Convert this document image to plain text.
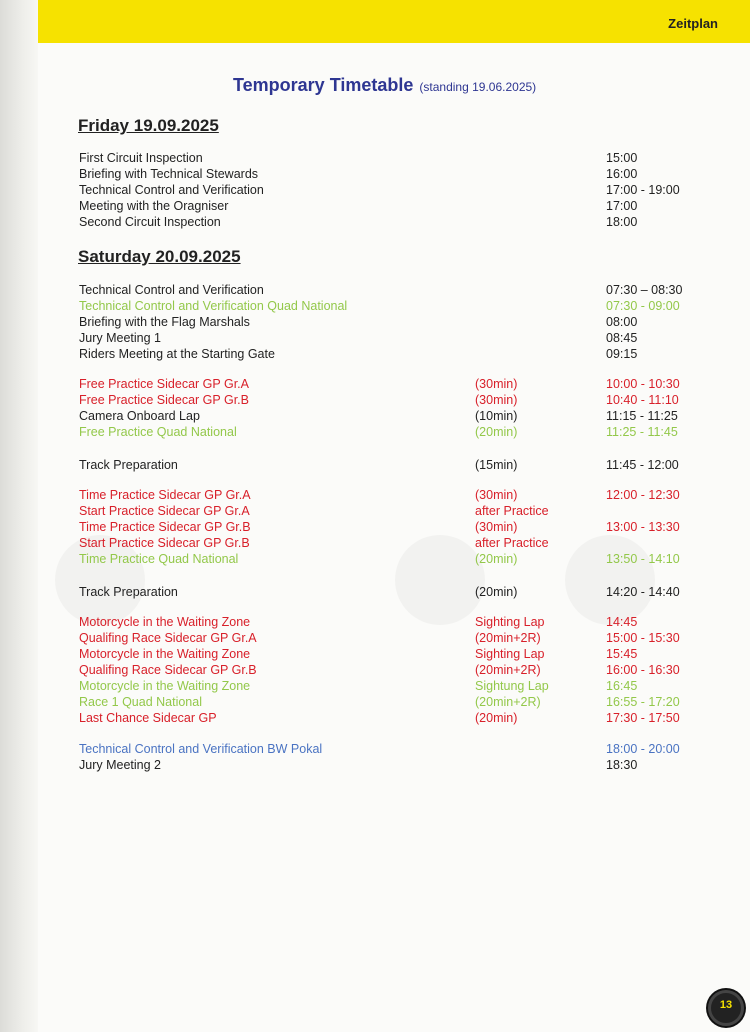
Zeitplan
Temporary Timetable (standing 19.06.2025)
Friday 19.09.2025
Saturday 20.09.2025
First Circuit Inspection	15:00
Briefing with Technical Stewards	16:00
Technical Control and Verification	17:00 - 19:00
Meeting with the Oragniser	17:00
Second Circuit Inspection	18:00
Technical Control and Verification	07:30 – 08:30
Technical Control and Verification Quad National	07:30 - 09:00
Briefing with the Flag Marshals	08:00
Jury Meeting 1	08:45
Riders Meeting at the Starting Gate	09:15
Free Practice Sidecar GP Gr.A	(30min)	10:00 - 10:30
Free Practice Sidecar GP Gr.B	(30min)	10:40 - 11:10
Camera Onboard Lap	(10min)	11:15 - 11:25
Free Practice Quad National	(20min)	11:25 - 11:45
Track Preparation	(15min)	11:45 - 12:00
Time Practice Sidecar GP Gr.A	(30min)	12:00 - 12:30
Start Practice Sidecar GP Gr.A	after Practice
Time Practice Sidecar GP Gr.B	(30min)	13:00 - 13:30
Start Practice Sidecar GP Gr.B	after Practice
Time Practice Quad National	(20min)	13:50 - 14:10
Track Preparation	(20min)	14:20 - 14:40
Motorcycle in the Waiting Zone	Sighting Lap	14:45
Qualifing Race Sidecar GP Gr.A	(20min+2R)	15:00 - 15:30
Motorcycle in the Waiting Zone	Sighting Lap	15:45
Qualifing Race Sidecar GP Gr.B	(20min+2R)	16:00 - 16:30
Motorcycle in the Waiting Zone	Sightung Lap	16:45
Race 1 Quad National	(20min+2R)	16:55 - 17:20
Last Chance Sidecar GP	(20min)	17:30 - 17:50
Technical Control and Verification BW Pokal	18:00 - 20:00
Jury Meeting 2	18:30
13
